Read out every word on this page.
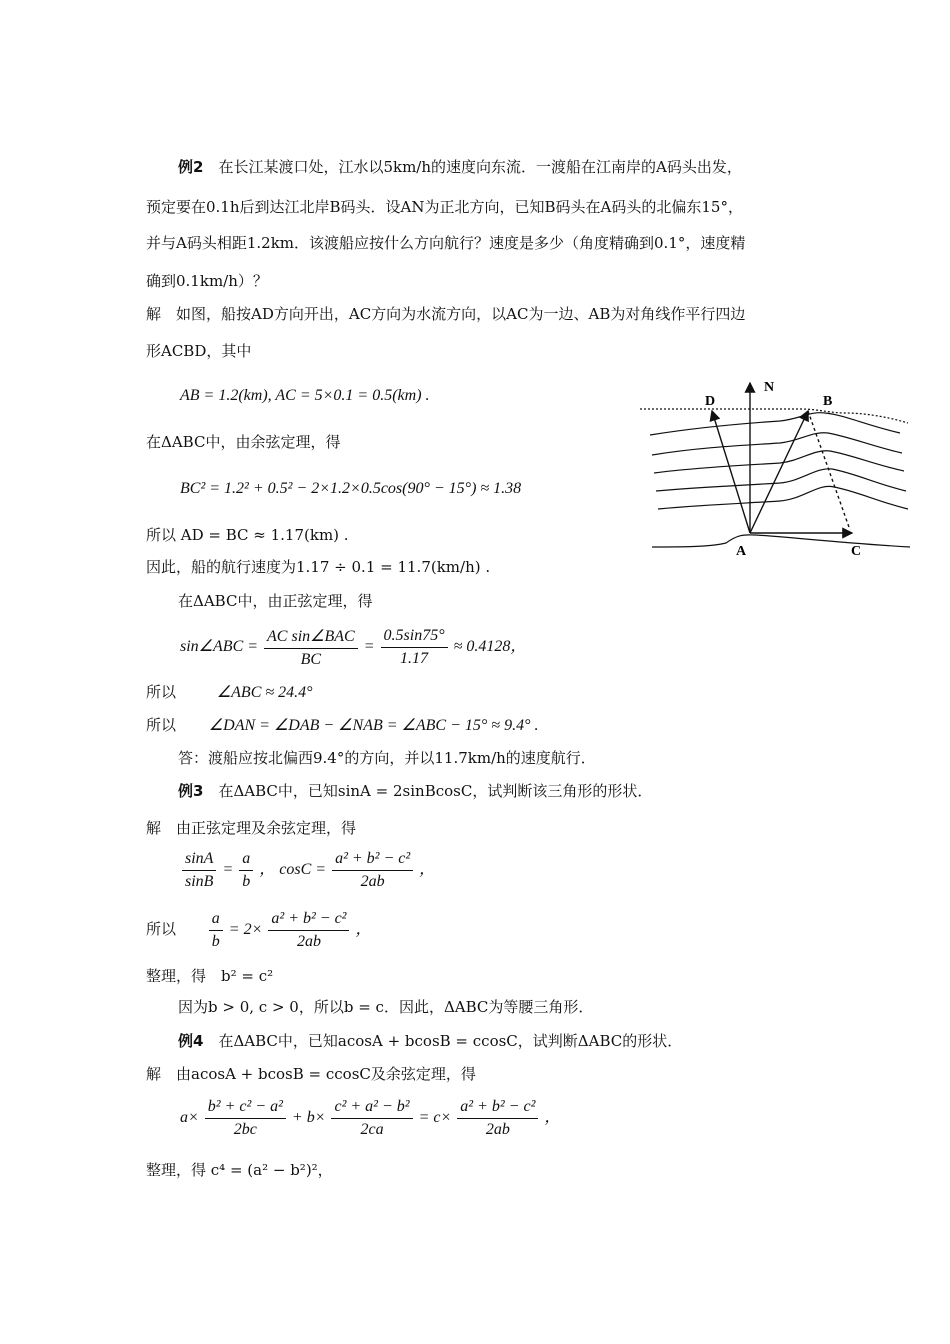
例2　 在长江某渡口处，江水以5km/h的速度向东流．一渡船在江南岸的A码头出发，
预定要在0.1h后到达江北岸B码头．设AN为正北方向，已知B码头在A码头的北偏东15°，
并与A码头相距1.2km．该渡船应按什么方向航行？速度是多少（角度精确到0.1°，速度精
确到0.1km/h）？
解　如图，船按AD方向开出，AC方向为水流方向，以AC为一边、AB为对角线作平行四边
形ACBD，其中
AB = 1.2(km), AC = 5×0.1 = 0.5(km) .
在ΔABC中，由余弦定理，得
BC² = 1.2² + 0.5² − 2×1.2×0.5cos(90° − 15°) ≈ 1.38
所以 AD = BC ≈ 1.17(km) .
因此，船的航行速度为1.17 ÷ 0.1 = 11.7(km/h) .
在ΔABC中，由正弦定理，得
sin∠ABC = $\frac{\text{AC sin∠BAC}}{BC} = \frac{0.5\sin 75^\circ}{1.17} \approx 0.4128$，
所以	∠ABC ≈ 24.4°
所以 ∠DAN = ∠DAB − ∠NAB = ∠ABC − 15° ≈ 9.4° .
答：渡船应按北偏西9.4°的方向，并以11.7km/h的速度航行．
例3　 在ΔABC中，已知sinA = 2sinBcosC，试判断该三角形的形状．
解　由正弦定理及余弦定理，得
$\frac{\sin A}{\sin B} = \frac{a}{b}$ ， $\cos C = \frac{\text{a² + b² − c²}}{2ab}$ ，
所以 $\frac{a}{b} = 2\times \frac{\text{a² + b² − c²}}{2ab}$ ，
整理，得　b² = c²
因为b > 0, c > 0，所以b = c．因此，ΔABC为等腰三角形．
例4　 在ΔABC中，已知acosA + bcosB = ccosC，试判断ΔABC的形状．
解　由acosA + bcosB = ccosC及余弦定理，得
$a\times \frac{\text{b² + c² − a²}}{2bc} + b\times \frac{\text{c² + a² − b²}}{2ca} = c\times \frac{\text{a² + b² − c²}}{2ab}$ ，
整理，得 c⁴ = (a² − b²)²，
N
D	B
A	C
